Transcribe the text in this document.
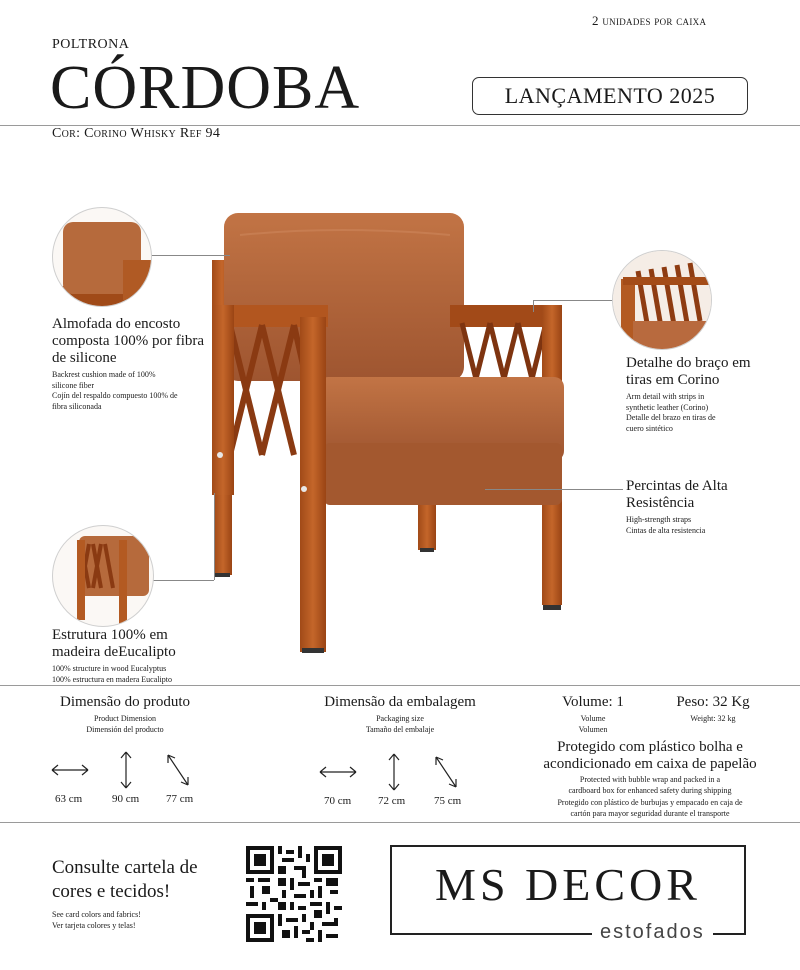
2 unidades por caixa
POLTRONA
CÓRDOBA	LANÇAMENTO 2025
Cor: Corino Whisky Ref 94
Almofada do encosto composta 100% por fibra de silicone
Backrest cushion made of 100% silicone fiber
Cojín del respaldo compuesto 100% de fibra siliconada
Detalhe do braço em tiras em Corino
Arm detail with strips in synthetic leather (Corino)
Detalle del brazo en tiras de cuero sintético
Percintas de Alta Resistência
High-strength straps
Cintas de alta resistencia
Estrutura 100% em madeira deEucalipto
100% structure in wood Eucalyptus
100% estructura en madera Eucalipto
Dimensão do produto
Product Dimension
Dimensión del producto
63 cm	90 cm 77 cm
Dimensão da embalagem
Packaging size
Tamaño del embalaje
70 cm 72 cm	75 cm
Volume: 1
Volume
Volumen
Peso: 32 Kg
Weight: 32 kg
Protegido com plástico bolha e acondicionado em caixa de papelão
Protected with bubble wrap and packed in a cardboard box for enhanced safety during shipping
Protegido con plástico de burbujas y empacado en caja de cartón para mayor seguridad durante el transporte
Consulte cartela de cores e tecidos!
See card colors and fabrics!
Ver tarjeta colores y telas!
MS DECOR
estofados
